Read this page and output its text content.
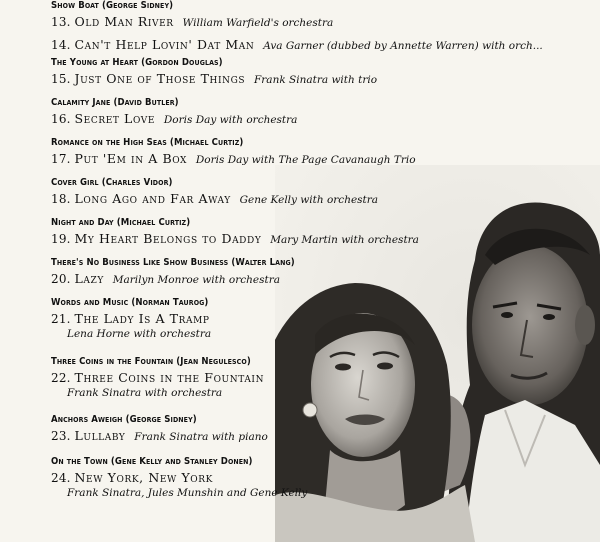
Show Boat (George Sidney)
13. Old Man River William Warfield's orchestra
14. Can't Help Lovin' Dat Man Ava Garner (dubbed by Annette Warren) with orch...
The Young at Heart (Gordon Douglas)
15. Just One of Those Things Frank Sinatra with trio
Calamity Jane (David Butler)
16. Secret Love Doris Day with orchestra
Romance on the High Seas (Michael Curtiz)
17. Put 'Em in A Box Doris Day with The Page Cavanaugh Trio
Cover Girl (Charles Vidor)
18. Long Ago and Far Away Gene Kelly with orchestra
Night and Day (Michael Curtiz)
19. My Heart Belongs to Daddy Mary Martin with orchestra
There's No Business Like Show Business (Walter Lang)
20. Lazy Marilyn Monroe with orchestra
Words and Music (Norman Taurog)
21. The Lady Is A Tramp
Lena Horne with orchestra
Three Coins in the Fountain (Jean Negulesco)
22. Three Coins in the Fountain
Frank Sinatra with orchestra
Anchors Aweigh (George Sidney)
23. Lullaby Frank Sinatra with piano
On the Town (Gene Kelly and Stanley Donen)
24. New York, New York
Frank Sinatra, Jules Munshin and Gene Kelly
